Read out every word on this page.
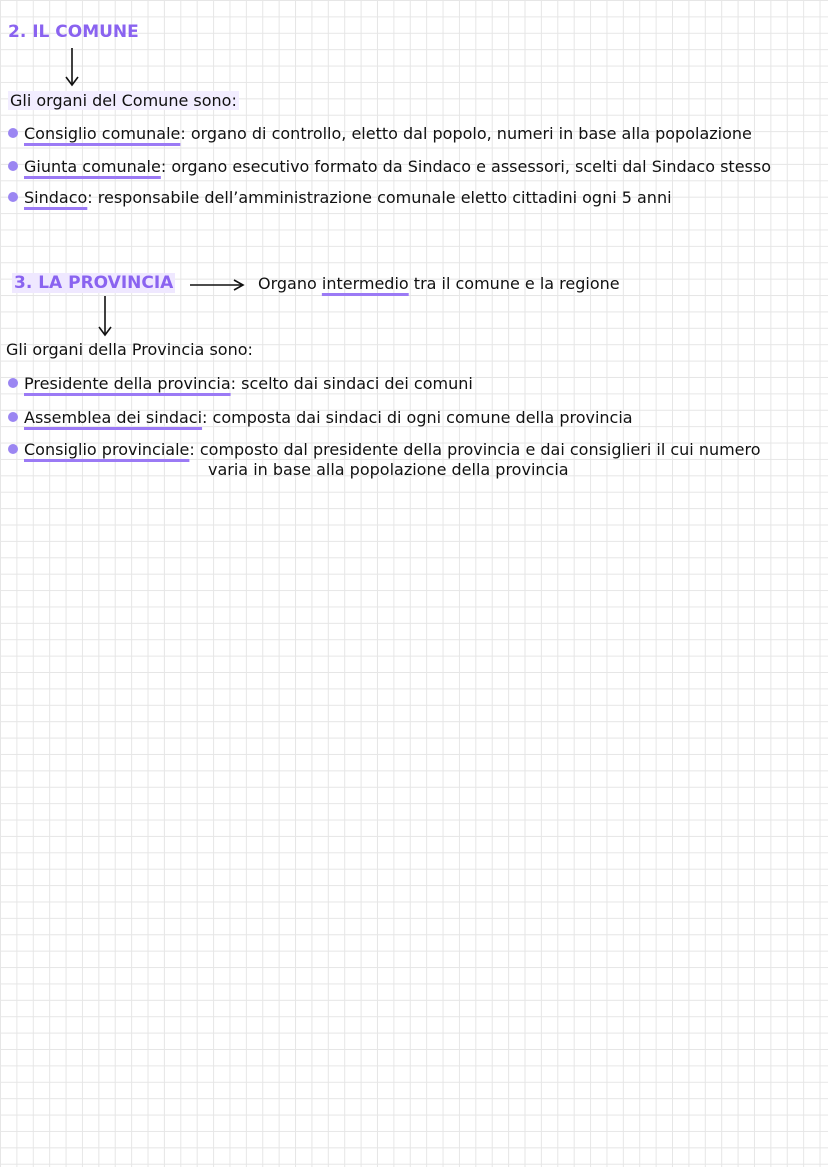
2. IL COMUNE
Gli organi del Comune sono:
Consiglio comunale: organo di controllo, eletto dal popolo, numeri in base alla popolazione
Giunta comunale: organo esecutivo formato da Sindaco e assessori, scelti dal Sindaco stesso
Sindaco: responsabile dell’amministrazione comunale eletto cittadini ogni 5 anni
3. LA PROVINCIA	Organo intermedio tra il comune e la regione
Gli organi della Provincia sono:
Presidente della provincia: scelto dai sindaci dei comuni
Assemblea dei sindaci: composta dai sindaci di ogni comune della provincia
Consiglio provinciale: composto dal presidente della provincia e dai consiglieri il cui numero
varia in base alla popolazione della provincia
